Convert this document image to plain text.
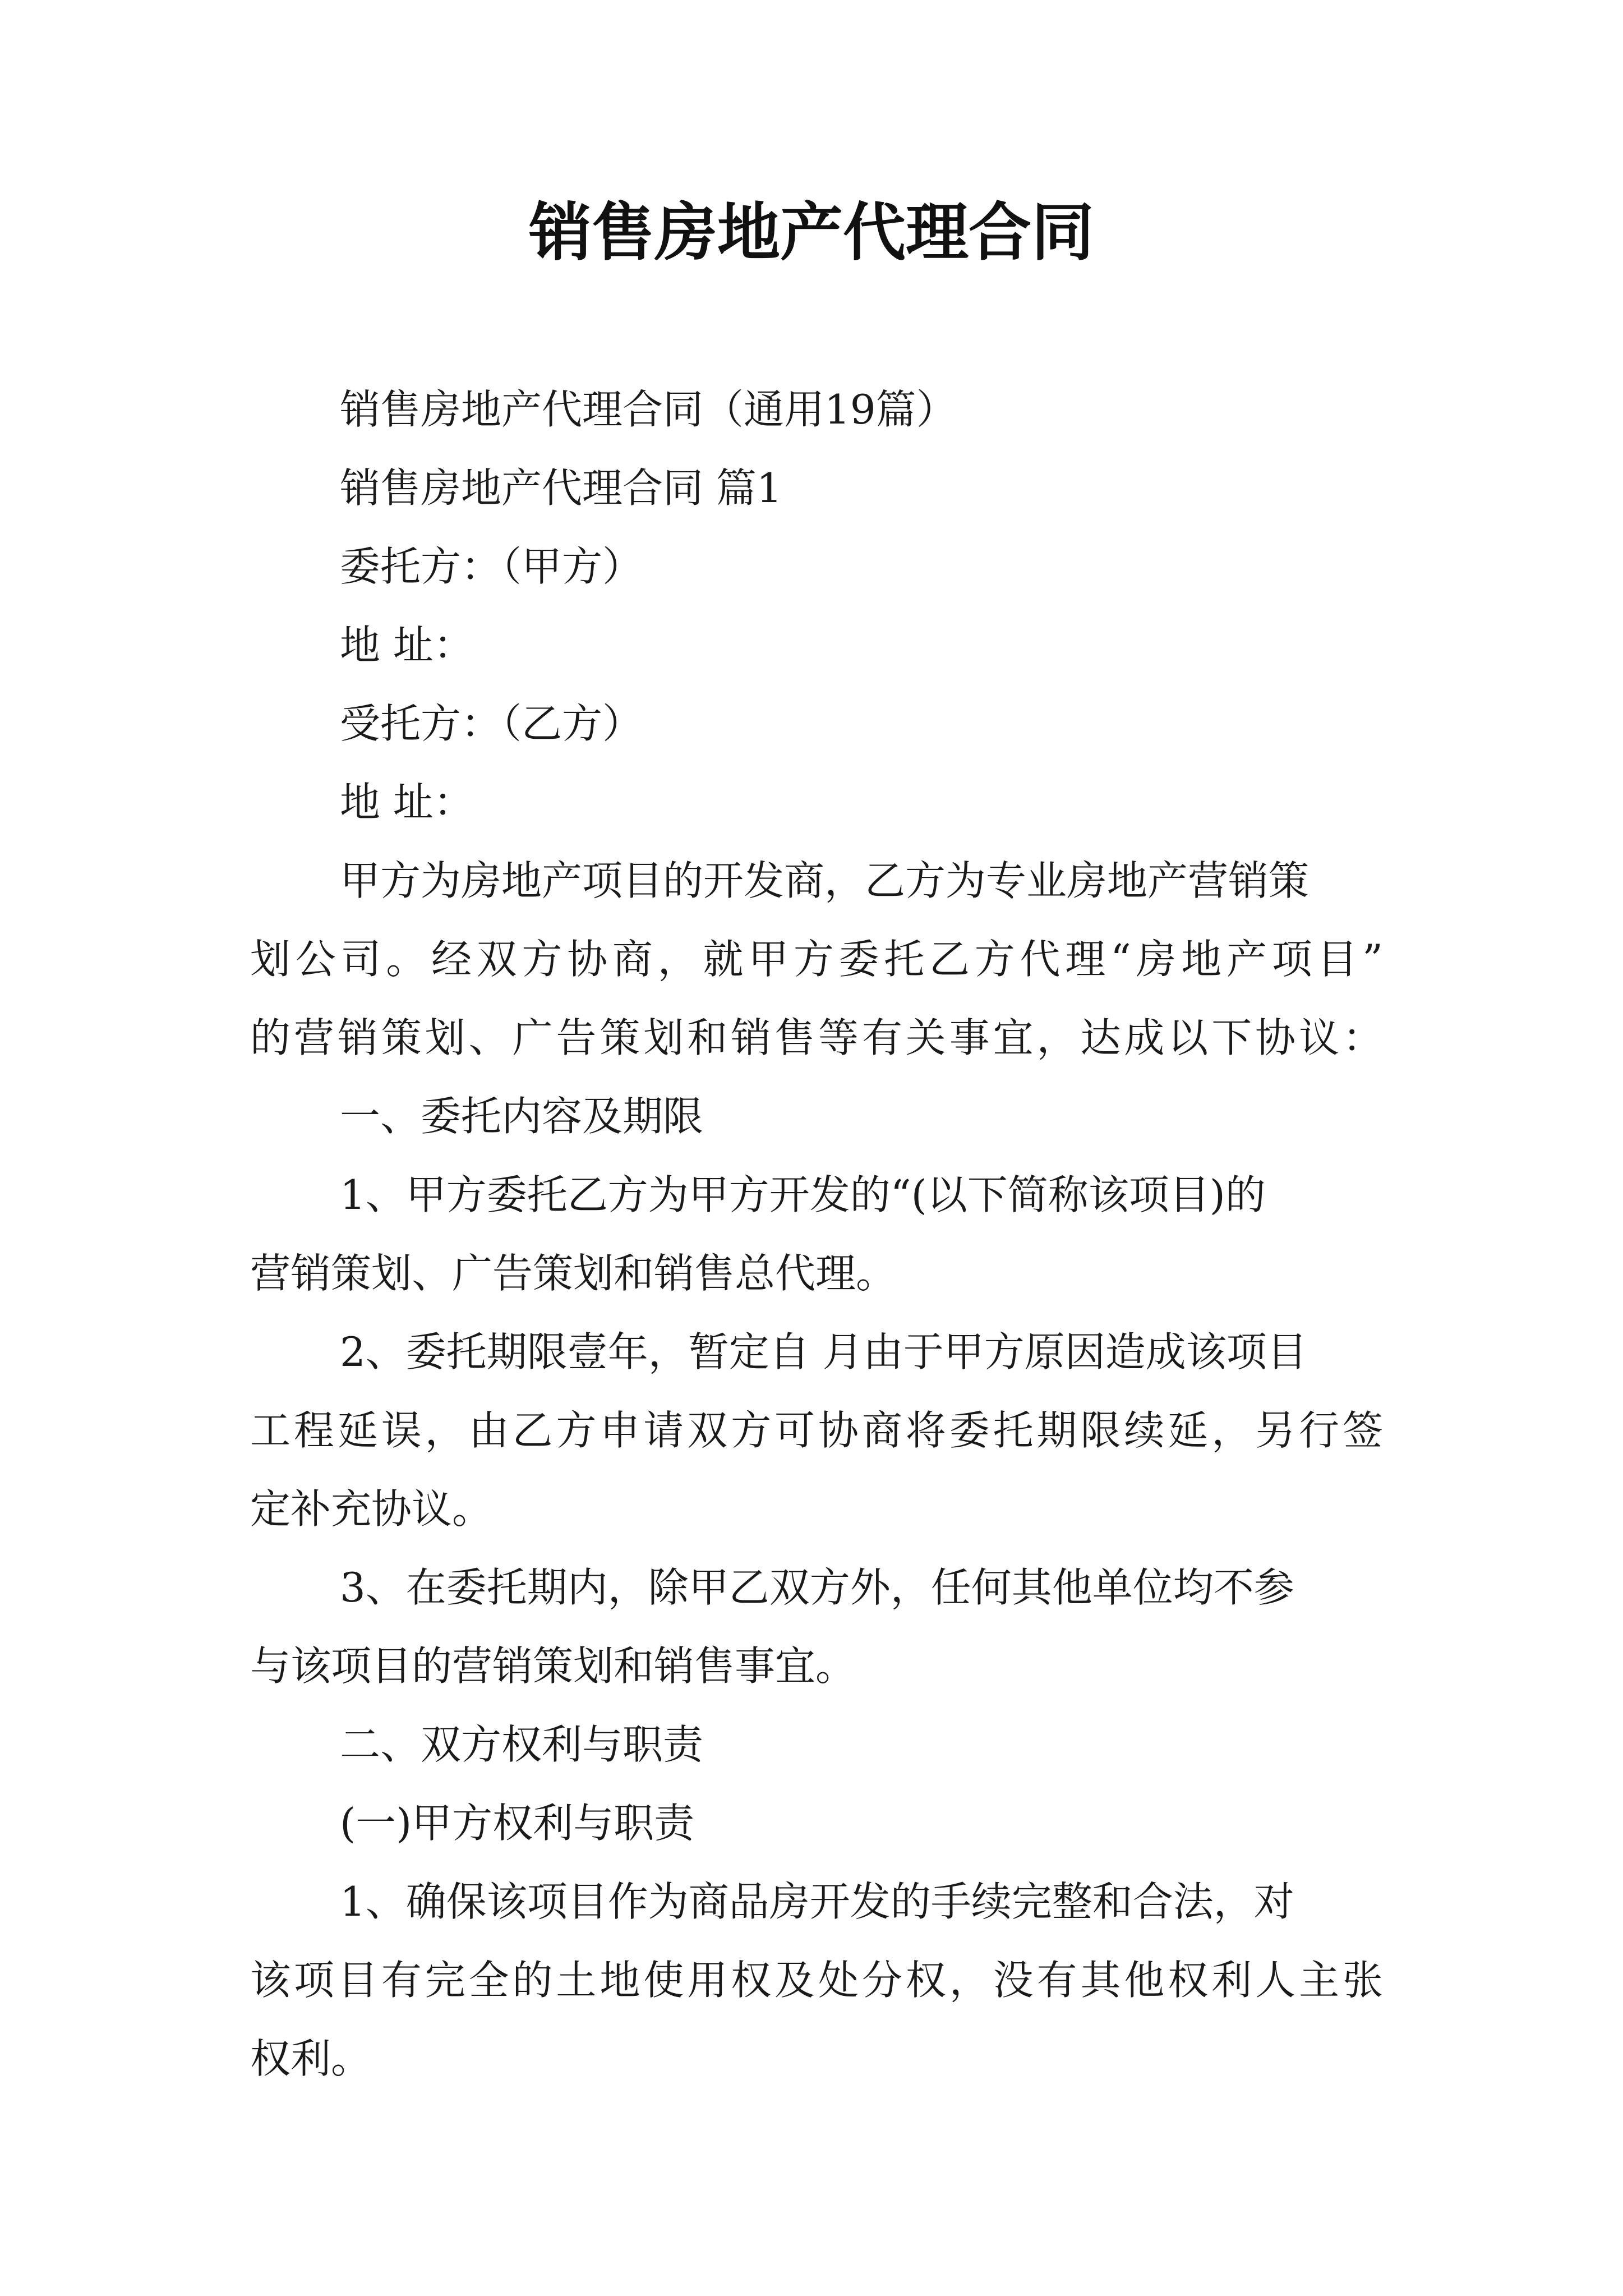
销售房地产代理合同

销售房地产代理合同（通用19篇）

销售房地产代理合同 篇1

委托方：（甲方）

地 址：

受托方：（乙方）

地 址：

甲方为房地产项目的开发商，乙方为专业房地产营销策

划公司。经双方协商，就甲方委托乙方代理“房地产项目”

的营销策划、广告策划和销售等有关事宜，达成以下协议：

一、委托内容及期限

1、甲方委托乙方为甲方开发的“(以下简称该项目)的

营销策划、广告策划和销售总代理。

2、委托期限壹年，暂定自 月由于甲方原因造成该项目

工程延误，由乙方申请双方可协商将委托期限续延，另行签

定补充协议。

3、在委托期内，除甲乙双方外，任何其他单位均不参

与该项目的营销策划和销售事宜。

二、双方权利与职责

(一)甲方权利与职责

1、确保该项目作为商品房开发的手续完整和合法，对

该项目有完全的土地使用权及处分权，没有其他权利人主张

权利。
